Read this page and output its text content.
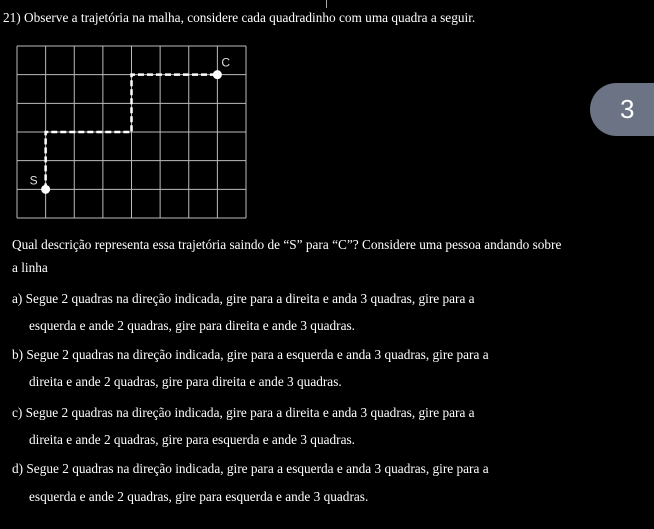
21) Observe a trajetória na malha, considere cada quadradinho com uma quadra a seguir.
S
C
3
Qual descrição representa essa trajetória saindo de “S” para “C”? Considere uma pessoa andando sobre
a linha
a) Segue 2 quadras na direção indicada, gire para a direita e anda 3 quadras, gire para a
esquerda e ande 2 quadras, gire para direita e ande 3 quadras.
b) Segue 2 quadras na direção indicada, gire para a esquerda e anda 3 quadras, gire para a
direita e ande 2 quadras, gire para direita e ande 3 quadras.
c) Segue 2 quadras na direção indicada, gire para a direita e anda 3 quadras, gire para a
direita e ande 2 quadras, gire para esquerda e ande 3 quadras.
d) Segue 2 quadras na direção indicada, gire para a esquerda e anda 3 quadras, gire para a
esquerda e ande 2 quadras, gire para esquerda e ande 3 quadras.
